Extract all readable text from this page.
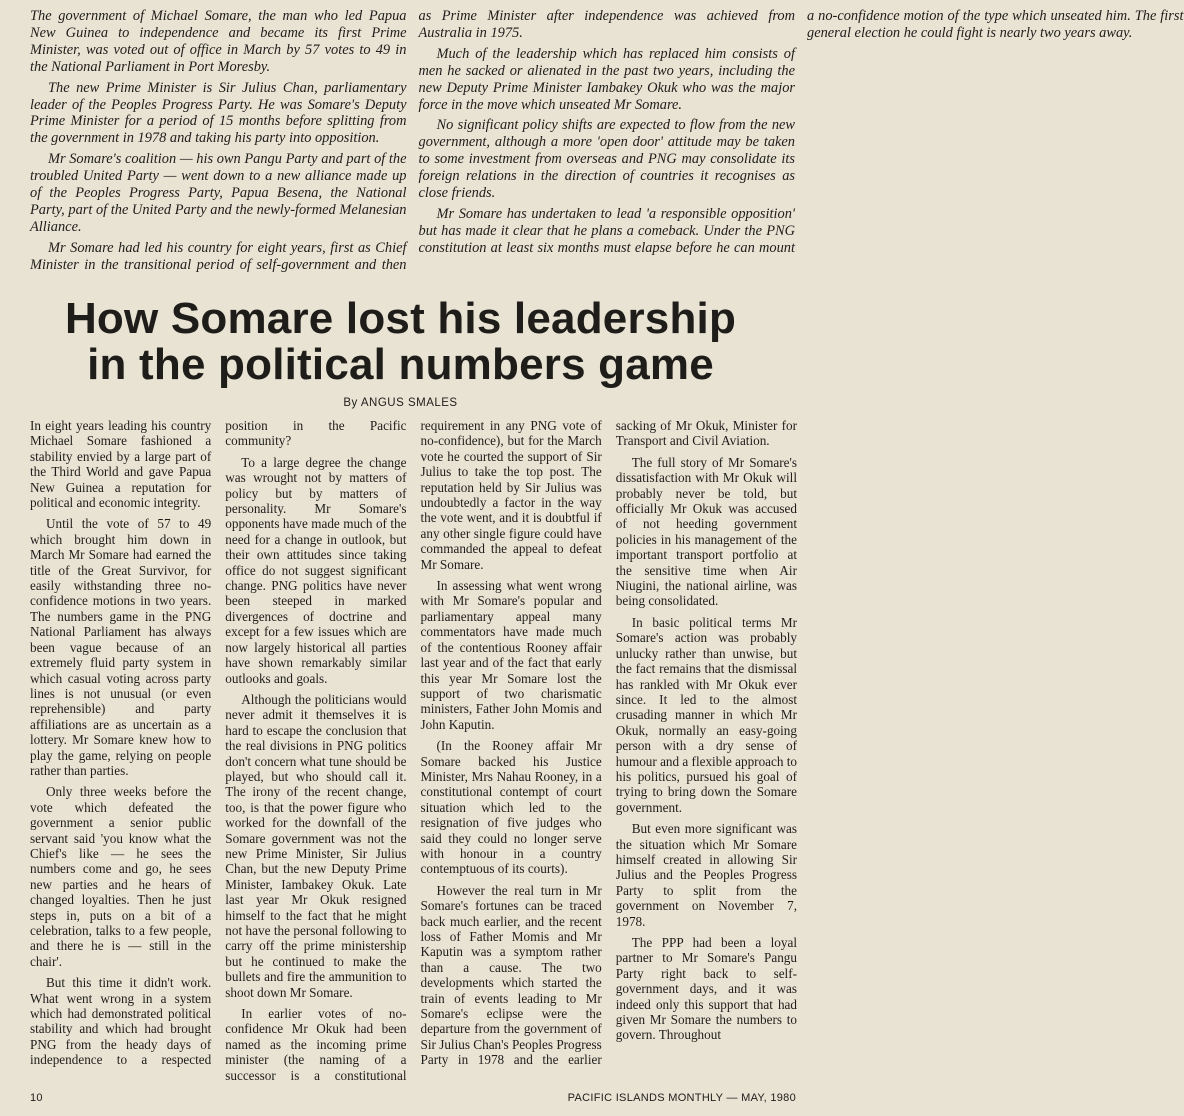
The government of Michael Somare, the man who led Papua New Guinea to independence and became its first Prime Minister, was voted out of office in March by 57 votes to 49 in the National Parliament in Port Moresby.

The new Prime Minister is Sir Julius Chan, parliamentary leader of the Peoples Progress Party. He was Somare's Deputy Prime Minister for a period of 15 months before splitting from the government in 1978 and taking his party into opposition.

Mr Somare's coalition — his own Pangu Party and part of the troubled United Party — went down to a new alliance made up of the Peoples Progress Party, Papua Besena, the National Party, part of the United Party and the newly-formed Melanesian Alliance.

Mr Somare had led his country for eight years, first as Chief Minister in the transitional period of self-government and then as Prime Minister after independence was achieved from Australia in 1975.

Much of the leadership which has replaced him consists of men he sacked or alienated in the past two years, including the new Deputy Prime Minister Iambakey Okuk who was the major force in the move which unseated Mr Somare.

No significant policy shifts are expected to flow from the new government, although a more 'open door' attitude may be taken to some investment from overseas and PNG may consolidate its foreign relations in the direction of countries it recognises as close friends.

Mr Somare has undertaken to lead 'a responsible opposition' but has made it clear that he plans a comeback. Under the PNG constitution at least six months must elapse before he can mount a no-confidence motion of the type which unseated him. The first general election he could fight is nearly two years away.

How Somare lost his leadership
in the political numbers game
By ANGUS SMALES

In eight years leading his country Michael Somare fashioned a stability envied by a large part of the Third World and gave Papua New Guinea a reputation for political and economic integrity.

Until the vote of 57 to 49 which brought him down in March Mr Somare had earned the title of the Great Survivor, for easily withstanding three no-confidence motions in two years. The numbers game in the PNG National Parliament has always been vague because of an extremely fluid party system in which casual voting across party lines is not unusual (or even reprehensible) and party affiliations are as uncertain as a lottery. Mr Somare knew how to play the game, relying on people rather than parties.

Only three weeks before the vote which defeated the government a senior public servant said 'you know what the Chief's like — he sees the numbers come and go, he sees new parties and he hears of changed loyalties. Then he just steps in, puts on a bit of a celebration, talks to a few people, and there he is — still in the chair'.

But this time it didn't work. What went wrong in a system which had demonstrated political stability and which had brought PNG from the heady days of independence to a respected position in the Pacific community?

To a large degree the change was wrought not by matters of policy but by matters of personality. Mr Somare's opponents have made much of the need for a change in outlook, but their own attitudes since taking office do not suggest significant change. PNG politics have never been steeped in marked divergences of doctrine and except for a few issues which are now largely historical all parties have shown remarkably similar outlooks and goals.

Although the politicians would never admit it themselves it is hard to escape the conclusion that the real divisions in PNG politics don't concern what tune should be played, but who should call it. The irony of the recent change, too, is that the power figure who worked for the downfall of the Somare government was not the new Prime Minister, Sir Julius Chan, but the new Deputy Prime Minister, Iambakey Okuk. Late last year Mr Okuk resigned himself to the fact that he might not have the personal following to carry off the prime ministership but he continued to make the bullets and fire the ammunition to shoot down Mr Somare.

In earlier votes of no-confidence Mr Okuk had been named as the incoming prime minister (the naming of a successor is a constitutional requirement in any PNG vote of no-confidence), but for the March vote he courted the support of Sir Julius to take the top post. The reputation held by Sir Julius was undoubtedly a factor in the way the vote went, and it is doubtful if any other single figure could have commanded the appeal to defeat Mr Somare.

In assessing what went wrong with Mr Somare's popular and parliamentary appeal many commentators have made much of the contentious Rooney affair last year and of the fact that early this year Mr Somare lost the support of two charismatic ministers, Father John Momis and John Kaputin.

(In the Rooney affair Mr Somare backed his Justice Minister, Mrs Nahau Rooney, in a constitutional contempt of court situation which led to the resignation of five judges who said they could no longer serve with honour in a country contemptuous of its courts).

However the real turn in Mr Somare's fortunes can be traced back much earlier, and the recent loss of Father Momis and Mr Kaputin was a symptom rather than a cause. The two developments which started the train of events leading to Mr Somare's eclipse were the departure from the government of Sir Julius Chan's Peoples Progress Party in 1978 and the earlier sacking of Mr Okuk, Minister for Transport and Civil Aviation.

The full story of Mr Somare's dissatisfaction with Mr Okuk will probably never be told, but officially Mr Okuk was accused of not heeding government policies in his management of the important transport portfolio at the sensitive time when Air Niugini, the national airline, was being consolidated.

In basic political terms Mr Somare's action was probably unlucky rather than unwise, but the fact remains that the dismissal has rankled with Mr Okuk ever since. It led to the almost crusading manner in which Mr Okuk, normally an easy-going person with a dry sense of humour and a flexible approach to his politics, pursued his goal of trying to bring down the Somare government.

But even more significant was the situation which Mr Somare himself created in allowing Sir Julius and the Peoples Progress Party to split from the government on November 7, 1978.

The PPP had been a loyal partner to Mr Somare's Pangu Party right back to self-government days, and it was indeed only this support that had given Mr Somare the numbers to govern. Throughout

10	PACIFIC ISLANDS MONTHLY — MAY, 1980
